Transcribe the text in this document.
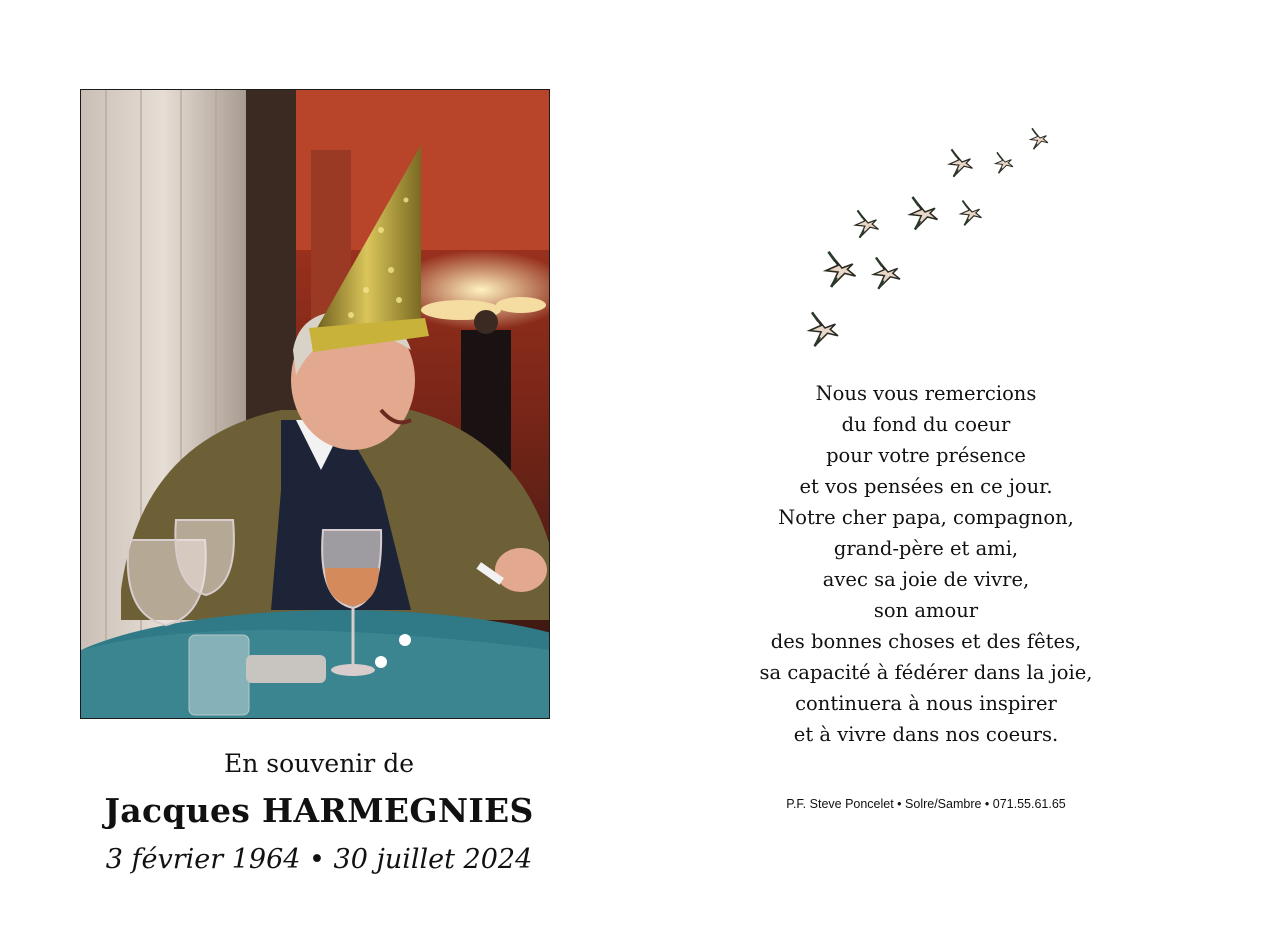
En souvenir de
Jacques HARMEGNIES
3 février 1964 • 30 juillet 2024
Nous vous remercions
du fond du coeur
pour votre présence
et vos pensées en ce jour.
Notre cher papa, compagnon,
grand-père et ami,
avec sa joie de vivre,
son amour
des bonnes choses et des fêtes,
sa capacité à fédérer dans la joie,
continuera à nous inspirer
et à vivre dans nos coeurs.
P.F. Steve Poncelet • Solre/Sambre • 071.55.61.65
